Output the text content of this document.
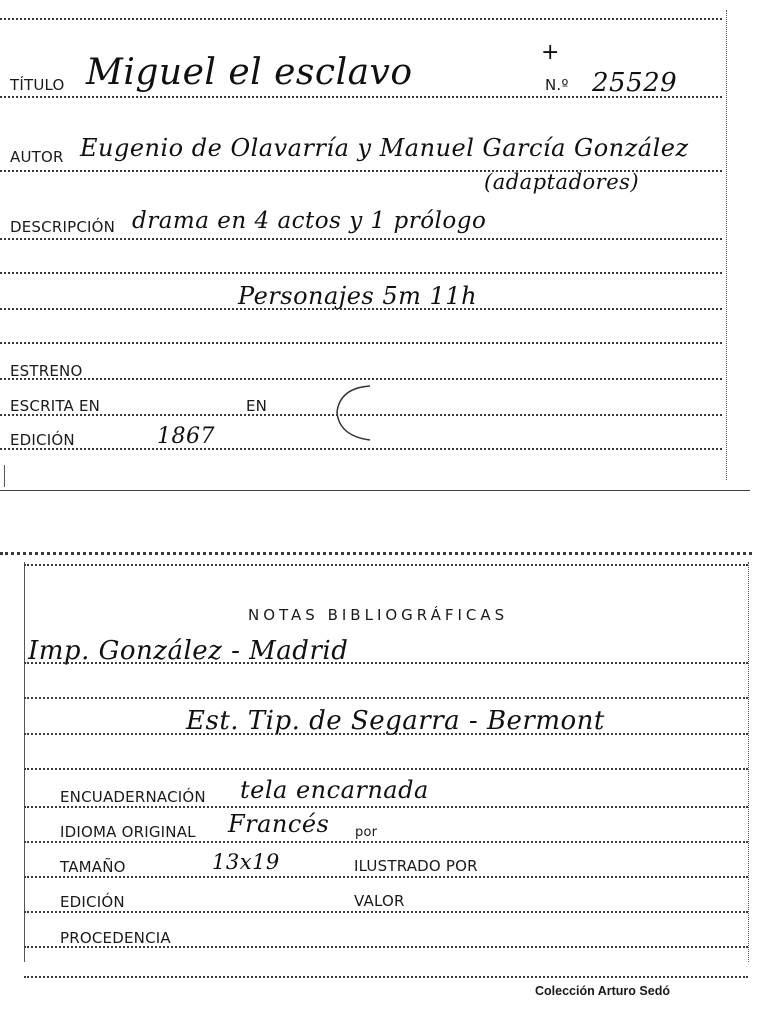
TÍTULO Miguel el esclavo	+
N.º 25529
AUTOR Eugenio de Olavarría y Manuel García González
(adaptadores)
DESCRIPCIÓN drama en 4 actos y 1 prólogo
Personajes 5m 11h
ESTRENO
ESCRITA EN	EN
EDICIÓN	1867
NOTAS BIBLIOGRÁFICAS
Imp. González - Madrid
Est. Tip. de Segarra - Bermont
ENCUADERNACIÓN tela encarnada
IDIOMA ORIGINAL Francés por
TAMAÑO	13x19	ILUSTRADO POR
EDICIÓN	VALOR
PROCEDENCIA
Colección Arturo Sedó
